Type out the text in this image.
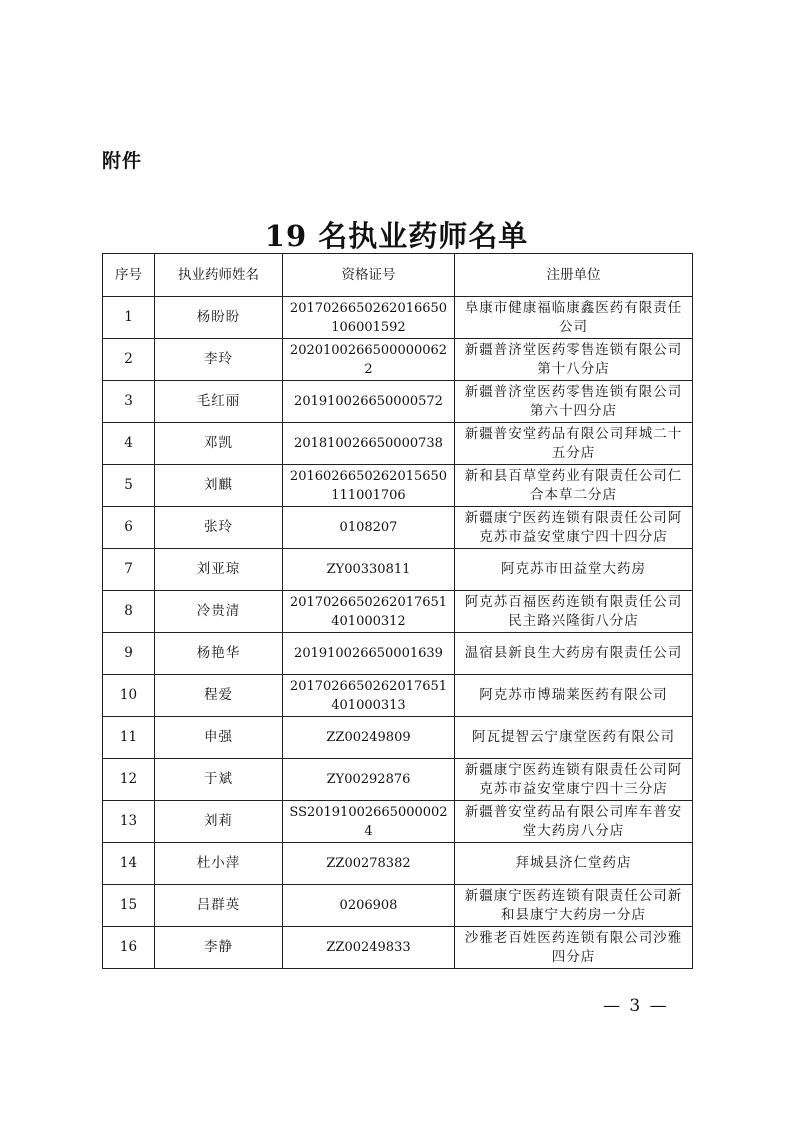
附件
19 名执业药师名单
序号	执业药师姓名	资格证号	注册单位
1	杨盼盼	2017026650262016650106001592	阜康市健康福临康鑫医药有限责任公司
2	李玲	20201002665000000622	新疆普济堂医药零售连锁有限公司第十八分店
3	毛红丽	201910026650000572	新疆普济堂医药零售连锁有限公司第六十四分店
4	邓凯	201810026650000738	新疆普安堂药品有限公司拜城二十五分店
5	刘麒	2016026650262015650111001706	新和县百草堂药业有限责任公司仁合本草二分店
6	张玲	0108207	新疆康宁医药连锁有限责任公司阿克苏市益安堂康宁四十四分店
7	刘亚琼	ZY00330811	阿克苏市田益堂大药房
8	冷贵清	2017026650262017651401000312	阿克苏百福医药连锁有限责任公司民主路兴隆街八分店
9	杨艳华	201910026650001639	温宿县新良生大药房有限责任公司
10	程爱	2017026650262017651401000313	阿克苏市博瑞莱医药有限公司
11	申强	ZZ00249809	阿瓦提智云宁康堂医药有限公司
12	于斌	ZY00292876	新疆康宁医药连锁有限责任公司阿克苏市益安堂康宁四十三分店
13	刘莉	SS201910026650000024	新疆普安堂药品有限公司库车普安堂大药房八分店
14	杜小萍	ZZ00278382	拜城县济仁堂药店
15	吕群英	0206908	新疆康宁医药连锁有限责任公司新和县康宁大药房一分店
16	李静	ZZ00249833	沙雅老百姓医药连锁有限公司沙雅四分店
— 3 —
